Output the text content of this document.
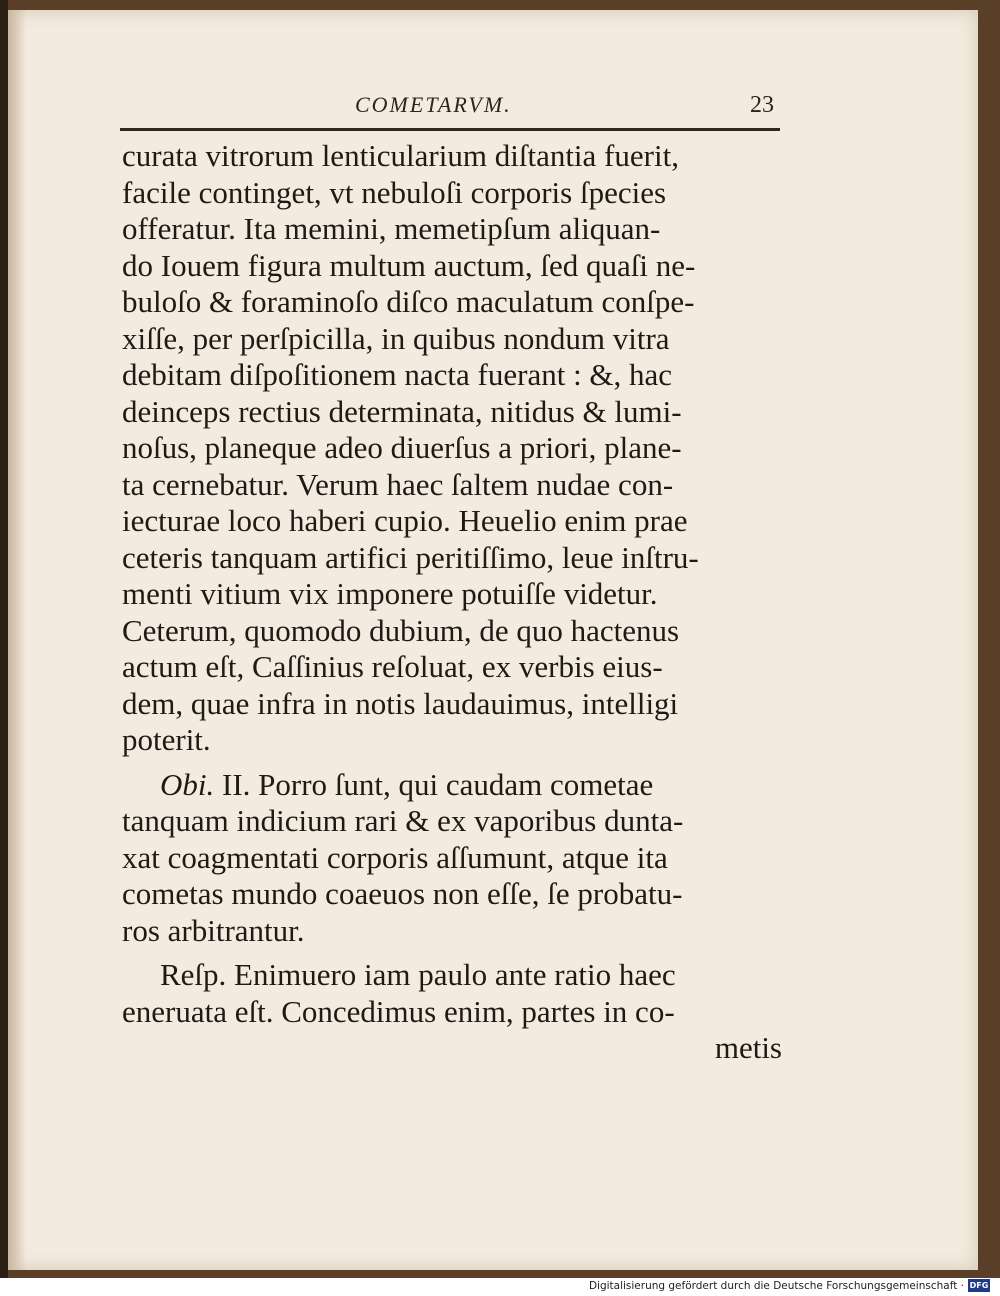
COMETARVM.	23
curata vitrorum lenticularium diſtantia fuerit,
facile continget, vt nebuloſi corporis ſpecies
offeratur. Ita memini, memetipſum aliquan-
do Iouem figura multum auctum, ſed quaſi ne-
buloſo & foraminoſo diſco maculatum conſpe-
xiſſe, per perſpicilla, in quibus nondum vitra
debitam diſpoſitionem nacta fuerant : &, hac
deinceps rectius determinata, nitidus & lumi-
noſus, planeque adeo diuerſus a priori, plane-
ta cernebatur. Verum haec ſaltem nudae con-
iecturae loco haberi cupio. Heuelio enim prae
ceteris tanquam artifici peritiſſimo, leue inſtru-
menti vitium vix imponere potuiſſe videtur.
Ceterum, quomodo dubium, de quo hactenus
actum eſt, Caſſinius reſoluat, ex verbis eius-
dem, quae infra in notis laudauimus, intelligi
poterit.
Obi. II. Porro ſunt, qui caudam cometae
tanquam indicium rari & ex vaporibus dunta-
xat coagmentati corporis aſſumunt, atque ita
cometas mundo coaeuos non eſſe, ſe probatu-
ros arbitrantur.
Reſp. Enimuero iam paulo ante ratio haec
eneruata eſt. Concedimus enim, partes in co-
metis
Digitalisierung gefördert durch die Deutsche Forschungsgemeinschaft · DFG
